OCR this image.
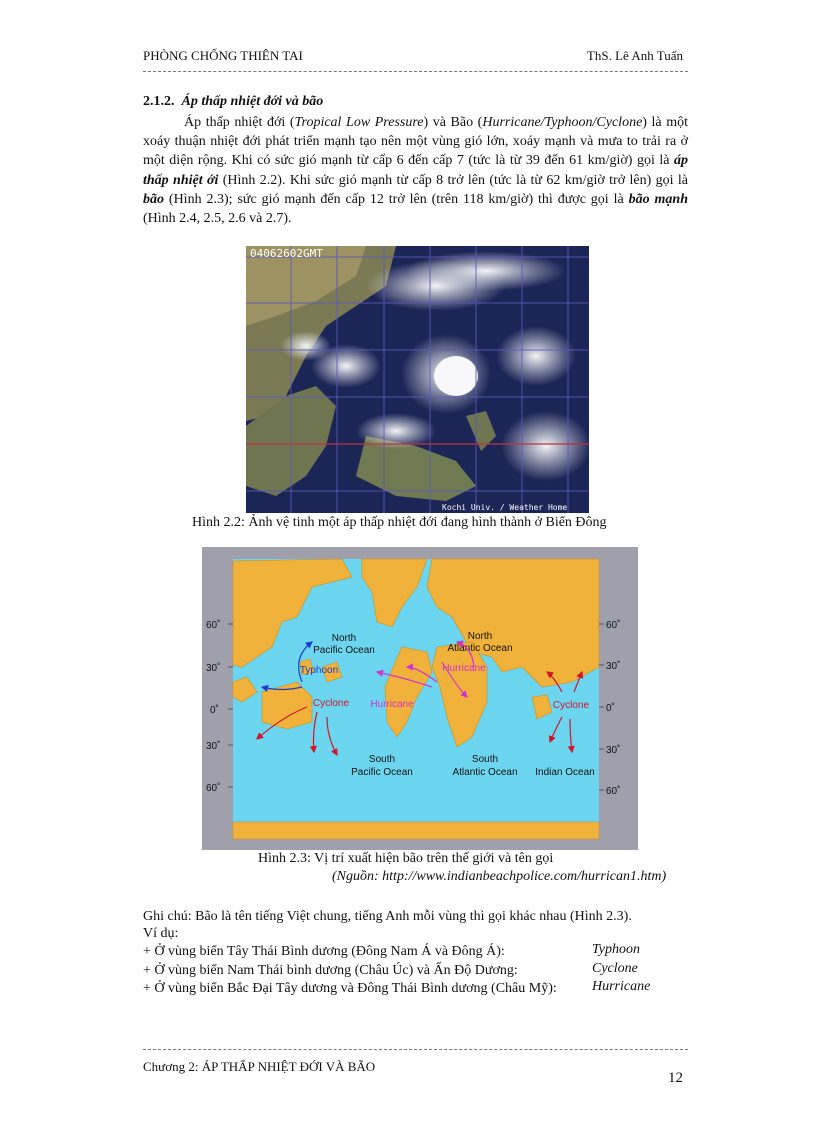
PHÒNG CHỐNG THIÊN TAI	ThS. Lê Anh Tuấn
2.1.2. Áp thấp nhiệt đới và bão
Áp thấp nhiệt đới (Tropical Low Pressure) và Bão (Hurricane/Typhoon/Cyclone) là một xoáy thuận nhiệt đới phát triển mạnh tạo nên một vùng gió lớn, xoáy mạnh và mưa to trải ra ở một diện rộng. Khi có sức gió mạnh từ cấp 6 đến cấp 7 (tức là từ 39 đến 61 km/giờ) gọi là áp thấp nhiệt ới (Hình 2.2). Khi sức gió mạnh từ cấp 8 trở lên (tức là từ 62 km/giờ trở lên) gọi là bão (Hình 2.3); sức gió mạnh đến cấp 12 trở lên (trên 118 km/giờ) thì được gọi là bão mạnh (Hình 2.4, 2.5, 2.6 và 2.7).
04062602GMT
Kochi Univ. / Weather Home
Hình 2.2: Ảnh vệ tinh một áp thấp nhiệt đới đang hình thành ở Biển Đông
60˚
30˚
0˚
30˚
60˚
60˚
30˚
0˚
30˚
60˚
North
Pacific Ocean
North
Atlantic Ocean
South
Pacific Ocean
South
Atlantic Ocean Indian Ocean
Typhoon
Cyclone	Cyclone
Hurricane
Hurricane
Hình 2.3: Vị trí xuất hiện bão trên thế giới và tên gọi
(Nguồn: http://www.indianbeachpolice.com/hurrican1.htm)
Ghi chú: Bão là tên tiếng Việt chung, tiếng Anh mỗi vùng thì gọi khác nhau (Hình 2.3).
Ví dụ:
+ Ở vùng biển Tây Thái Bình dương (Đông Nam Á và Đông Á):	Typhoon
+ Ở vùng biển Nam Thái bình dương (Châu Úc) và Ấn Độ Dương:	Cyclone
+ Ở vùng biển Bắc Đại Tây dương và Đông Thái Bình dương (Châu Mỹ):	Hurricane
Chương 2: ÁP THẤP NHIỆT ĐỚI VÀ BÃO
12
